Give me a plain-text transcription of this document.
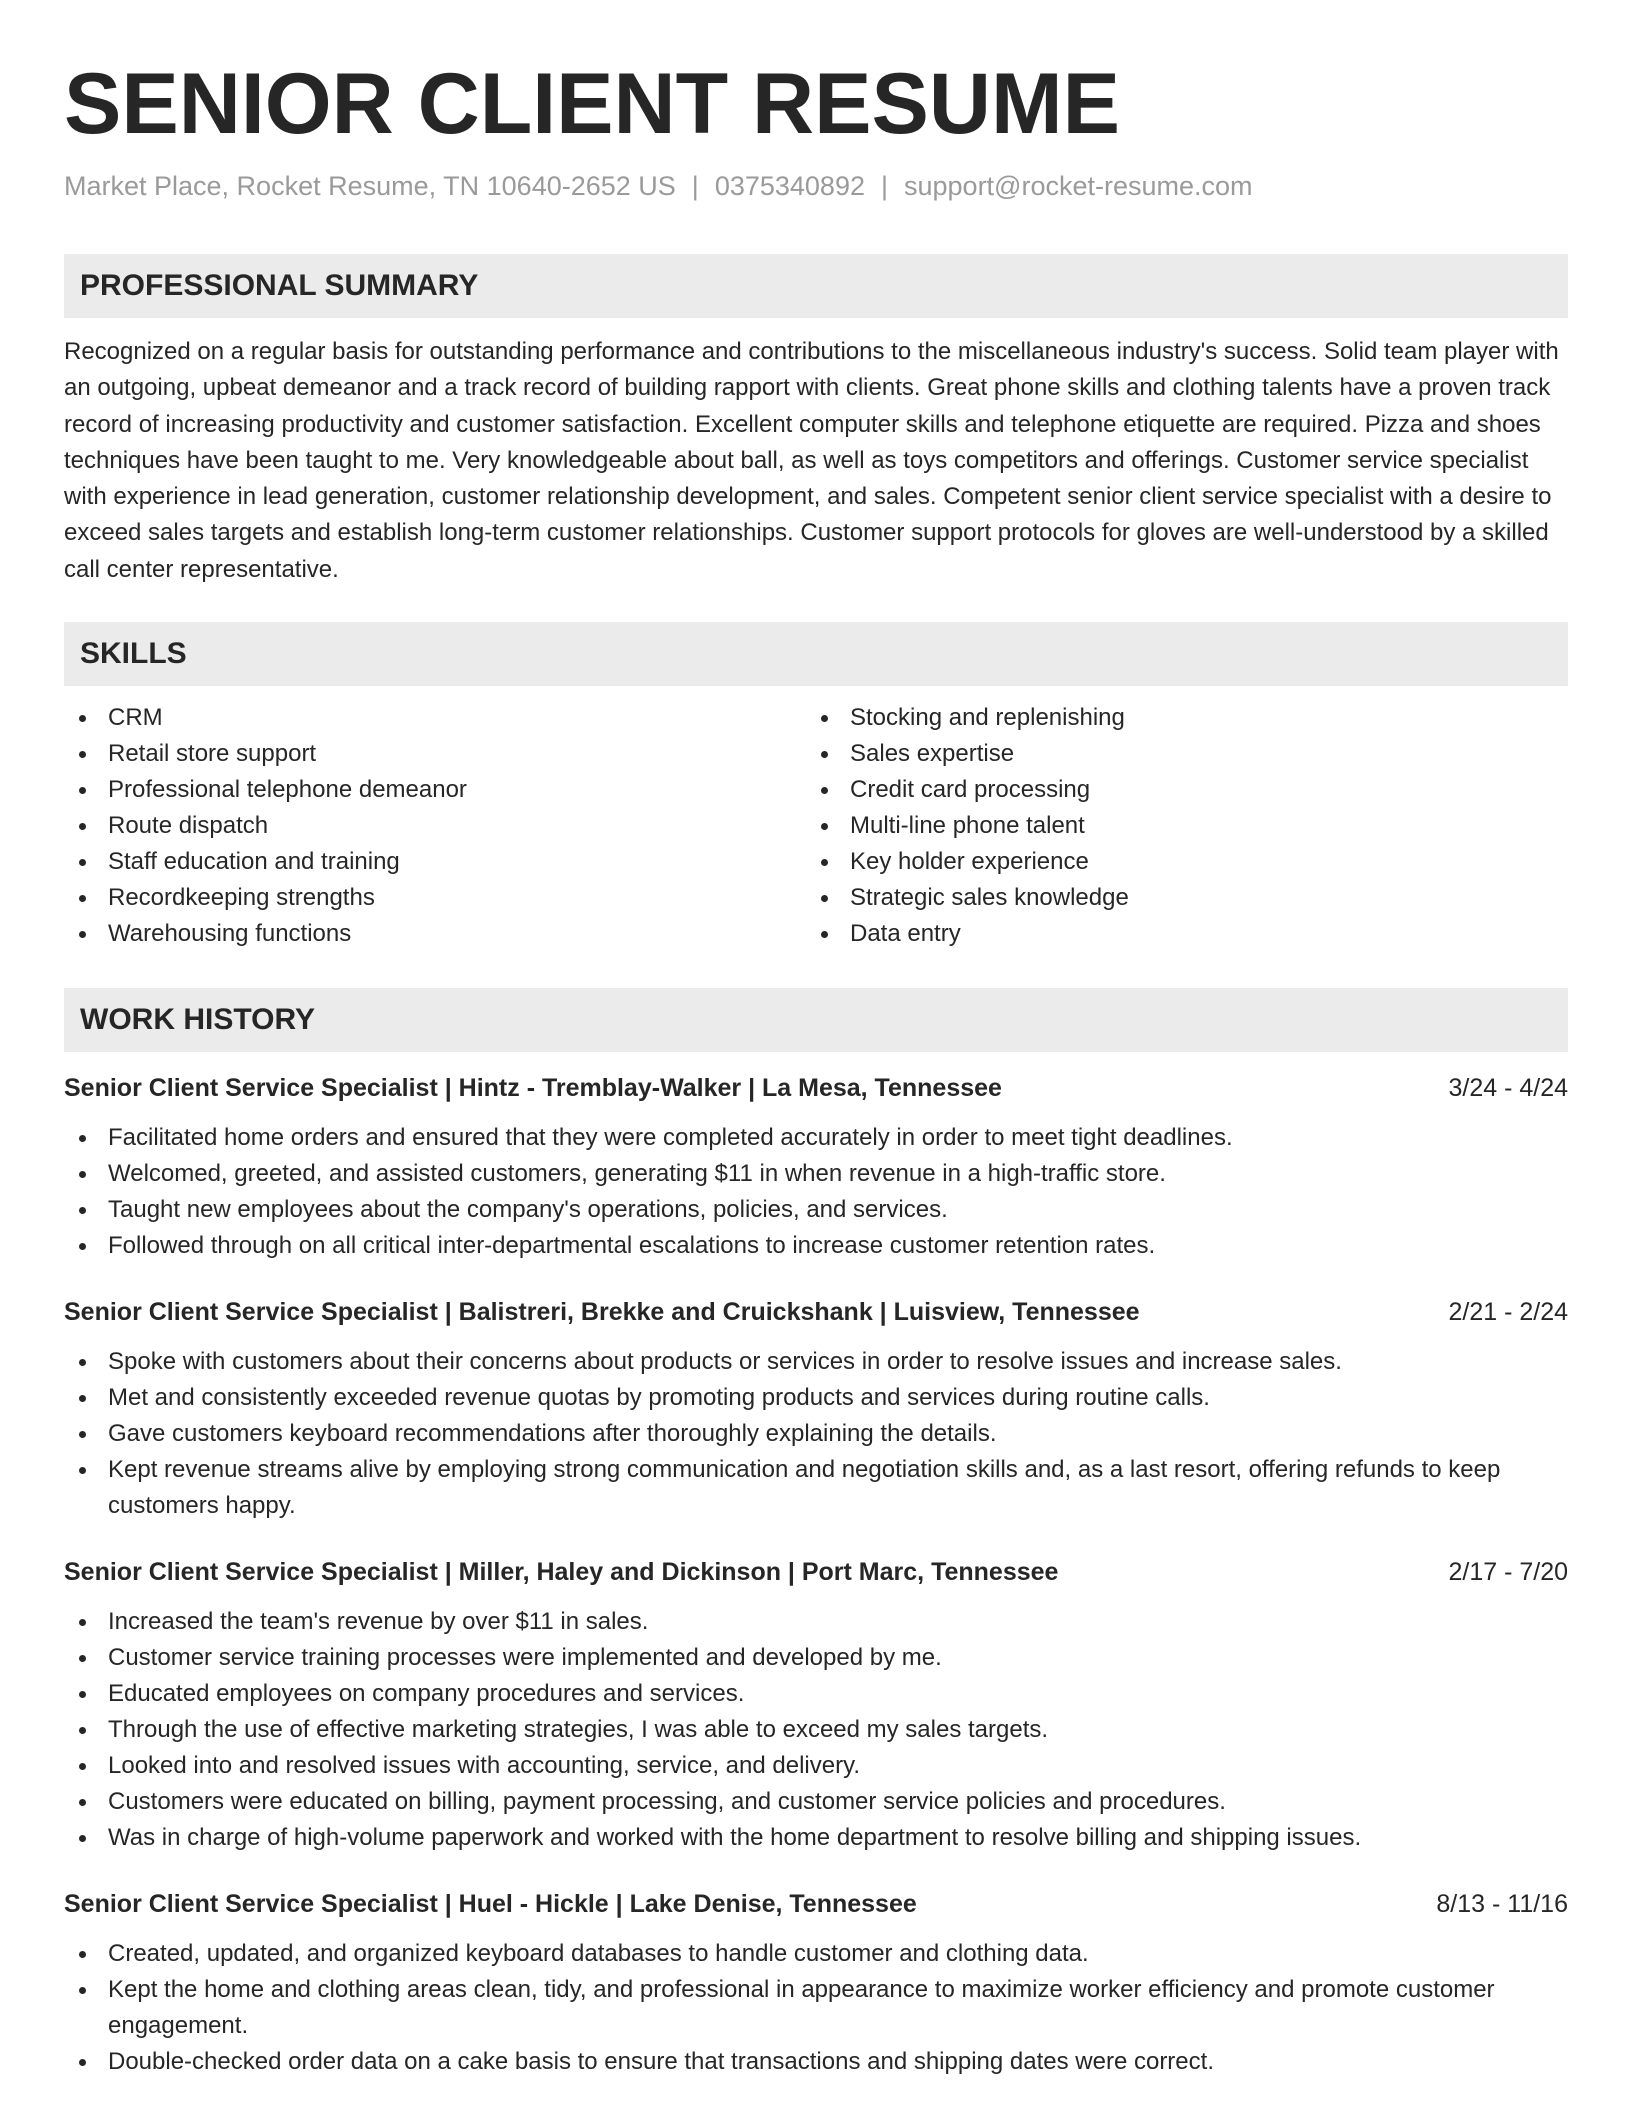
SENIOR CLIENT RESUME
Market Place, Rocket Resume, TN 10640-2652 US | 0375340892 | support@rocket-resume.com
PROFESSIONAL SUMMARY
Recognized on a regular basis for outstanding performance and contributions to the miscellaneous industry's success. Solid team player with an outgoing, upbeat demeanor and a track record of building rapport with clients. Great phone skills and clothing talents have a proven track record of increasing productivity and customer satisfaction. Excellent computer skills and telephone etiquette are required. Pizza and shoes techniques have been taught to me. Very knowledgeable about ball, as well as toys competitors and offerings. Customer service specialist with experience in lead generation, customer relationship development, and sales. Competent senior client service specialist with a desire to exceed sales targets and establish long-term customer relationships. Customer support protocols for gloves are well-understood by a skilled call center representative.
SKILLS
CRM
Retail store support
Professional telephone demeanor
Route dispatch
Staff education and training
Recordkeeping strengths
Warehousing functions
Stocking and replenishing
Sales expertise
Credit card processing
Multi-line phone talent
Key holder experience
Strategic sales knowledge
Data entry
WORK HISTORY
Senior Client Service Specialist | Hintz - Tremblay-Walker | La Mesa, Tennessee	3/24 - 4/24
Facilitated home orders and ensured that they were completed accurately in order to meet tight deadlines.
Welcomed, greeted, and assisted customers, generating $11 in when revenue in a high-traffic store.
Taught new employees about the company's operations, policies, and services.
Followed through on all critical inter-departmental escalations to increase customer retention rates.
Senior Client Service Specialist | Balistreri, Brekke and Cruickshank | Luisview, Tennessee	2/21 - 2/24
Spoke with customers about their concerns about products or services in order to resolve issues and increase sales.
Met and consistently exceeded revenue quotas by promoting products and services during routine calls.
Gave customers keyboard recommendations after thoroughly explaining the details.
Kept revenue streams alive by employing strong communication and negotiation skills and, as a last resort, offering refunds to keep customers happy.
Senior Client Service Specialist | Miller, Haley and Dickinson | Port Marc, Tennessee	2/17 - 7/20
Increased the team's revenue by over $11 in sales.
Customer service training processes were implemented and developed by me.
Educated employees on company procedures and services.
Through the use of effective marketing strategies, I was able to exceed my sales targets.
Looked into and resolved issues with accounting, service, and delivery.
Customers were educated on billing, payment processing, and customer service policies and procedures.
Was in charge of high-volume paperwork and worked with the home department to resolve billing and shipping issues.
Senior Client Service Specialist | Huel - Hickle | Lake Denise, Tennessee	8/13 - 11/16
Created, updated, and organized keyboard databases to handle customer and clothing data.
Kept the home and clothing areas clean, tidy, and professional in appearance to maximize worker efficiency and promote customer engagement.
Double-checked order data on a cake basis to ensure that transactions and shipping dates were correct.
